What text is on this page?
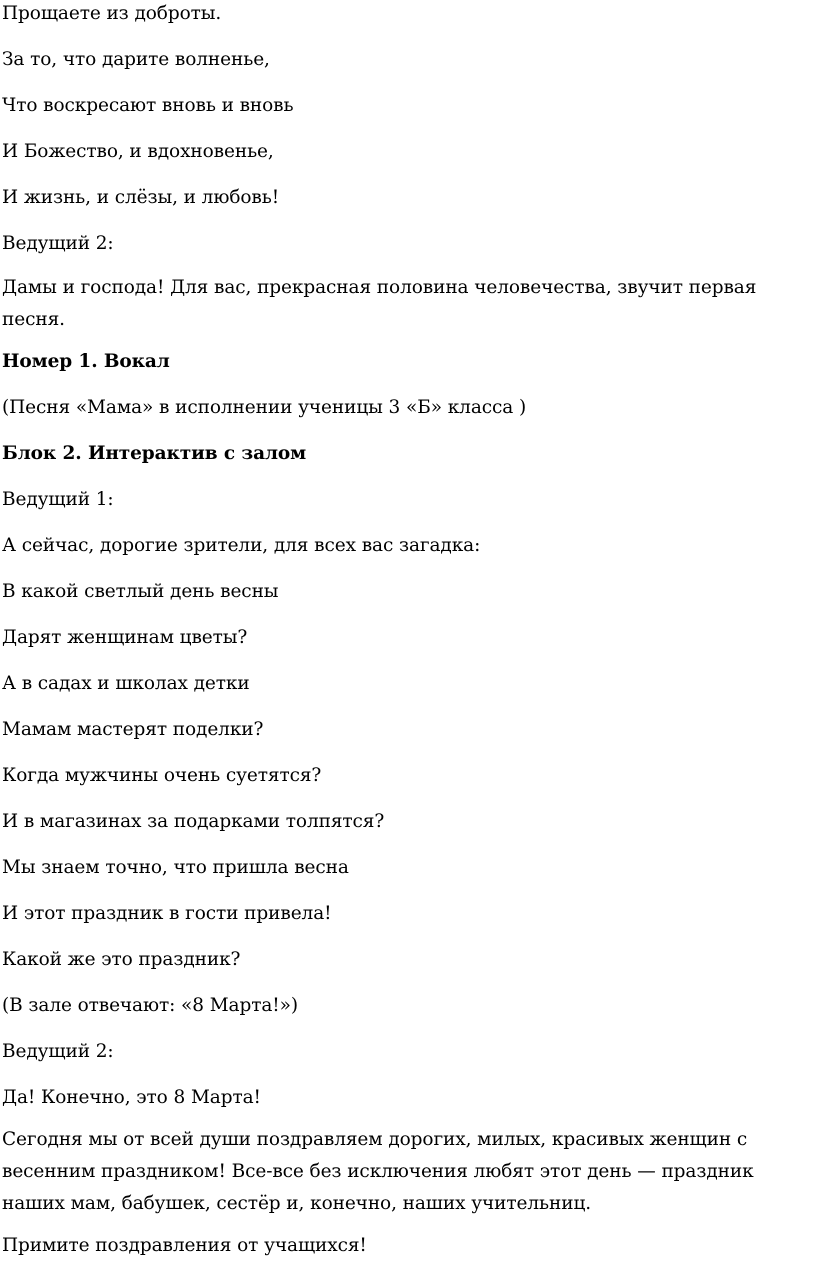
Прощаете из доброты.

За то, что дарите волненье,

Что воскресают вновь и вновь

И Божество, и вдохновенье,

И жизнь, и слёзы, и любовь!

Ведущий 2:

Дамы и господа! Для вас, прекрасная половина человечества, звучит первая песня.

Номер 1. Вокал

(Песня «Мама» в исполнении ученицы 3 «Б» класса )

Блок 2. Интерактив с залом

Ведущий 1:

А сейчас, дорогие зрители, для всех вас загадка:

В какой светлый день весны

Дарят женщинам цветы?

А в садах и школах детки

Мамам мастерят поделки?

Когда мужчины очень суетятся?

И в магазинах за подарками толпятся?

Мы знаем точно, что пришла весна

И этот праздник в гости привела!

Какой же это праздник?

(В зале отвечают: «8 Марта!»)

Ведущий 2:

Да! Конечно, это 8 Марта!

Сегодня мы от всей души поздравляем дорогих, милых, красивых женщин с весенним праздником! Все-все без исключения любят этот день — праздник наших мам, бабушек, сестёр и, конечно, наших учительниц.

Примите поздравления от учащихся!
